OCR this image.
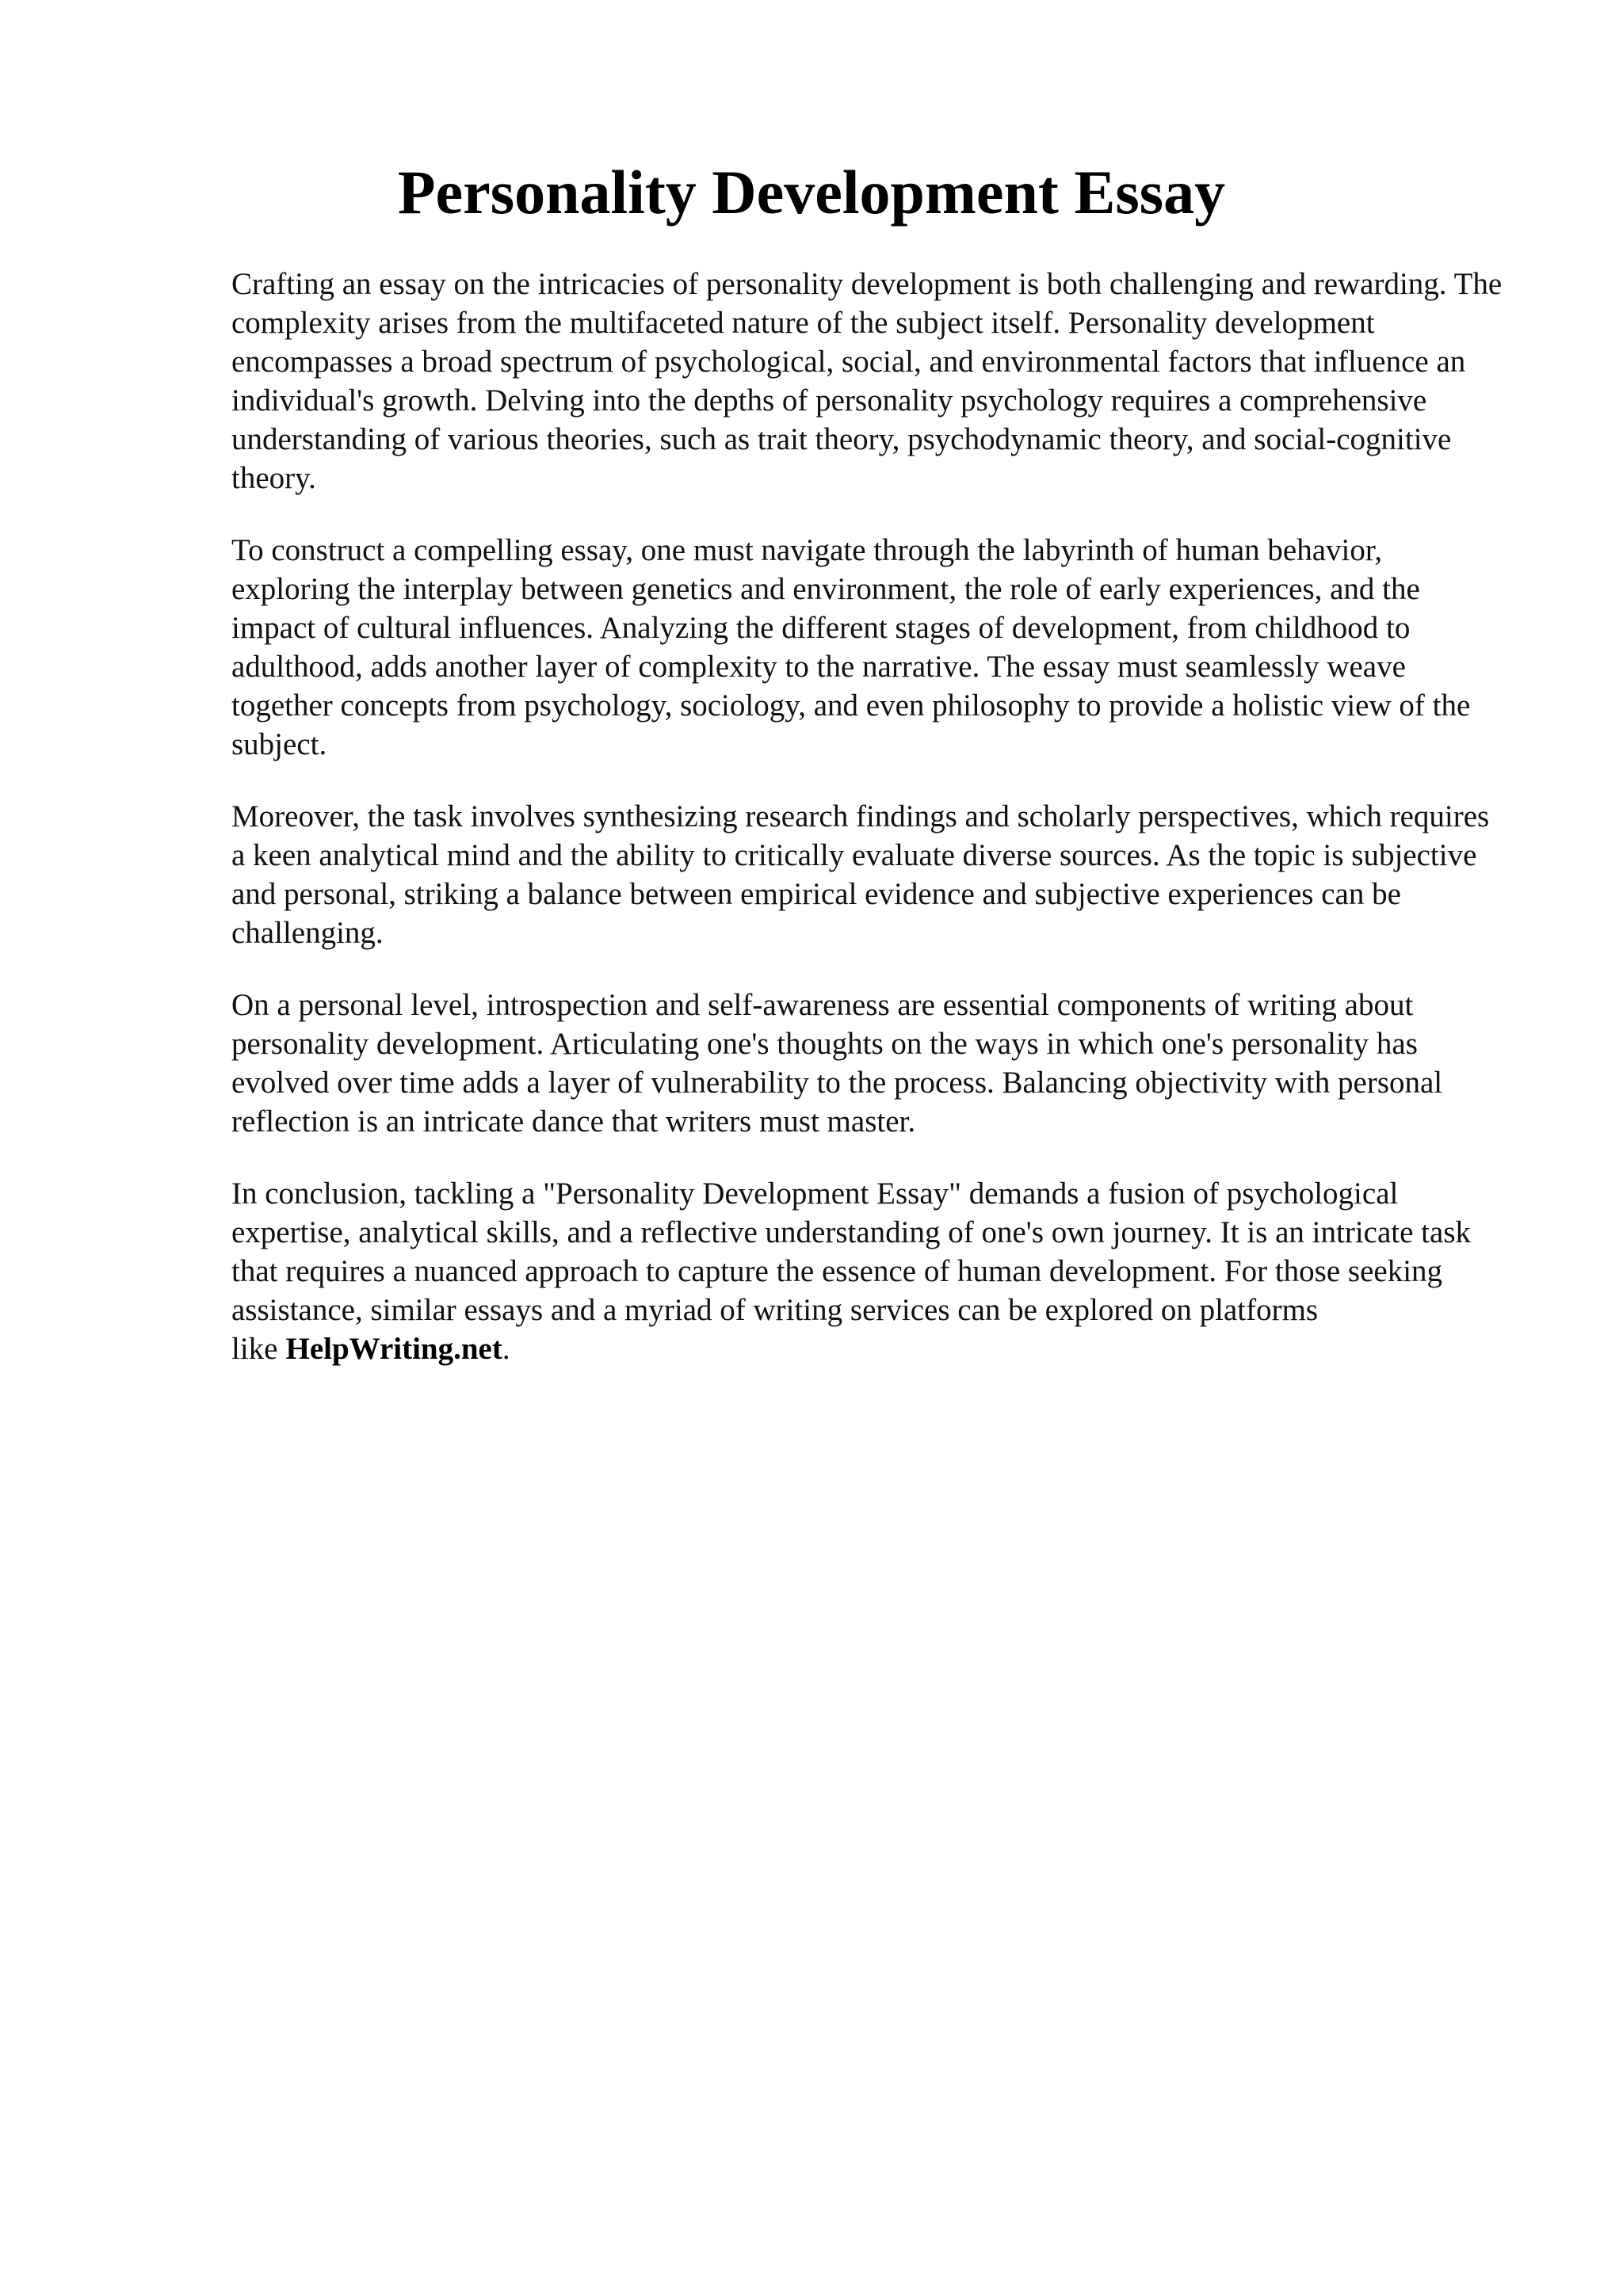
Personality Development Essay

Crafting an essay on the intricacies of personality development is both challenging and rewarding. The complexity arises from the multifaceted nature of the subject itself. Personality development encompasses a broad spectrum of psychological, social, and environmental factors that influence an individual's growth. Delving into the depths of personality psychology requires a comprehensive understanding of various theories, such as trait theory, psychodynamic theory, and social-cognitive theory.

To construct a compelling essay, one must navigate through the labyrinth of human behavior, exploring the interplay between genetics and environment, the role of early experiences, and the impact of cultural influences. Analyzing the different stages of development, from childhood to adulthood, adds another layer of complexity to the narrative. The essay must seamlessly weave together concepts from psychology, sociology, and even philosophy to provide a holistic view of the subject.

Moreover, the task involves synthesizing research findings and scholarly perspectives, which requires a keen analytical mind and the ability to critically evaluate diverse sources. As the topic is subjective and personal, striking a balance between empirical evidence and subjective experiences can be challenging.

On a personal level, introspection and self-awareness are essential components of writing about personality development. Articulating one's thoughts on the ways in which one's personality has evolved over time adds a layer of vulnerability to the process. Balancing objectivity with personal reflection is an intricate dance that writers must master.

In conclusion, tackling a "Personality Development Essay" demands a fusion of psychological expertise, analytical skills, and a reflective understanding of one's own journey. It is an intricate task that requires a nuanced approach to capture the essence of human development. For those seeking assistance, similar essays and a myriad of writing services can be explored on platforms like HelpWriting.net.
